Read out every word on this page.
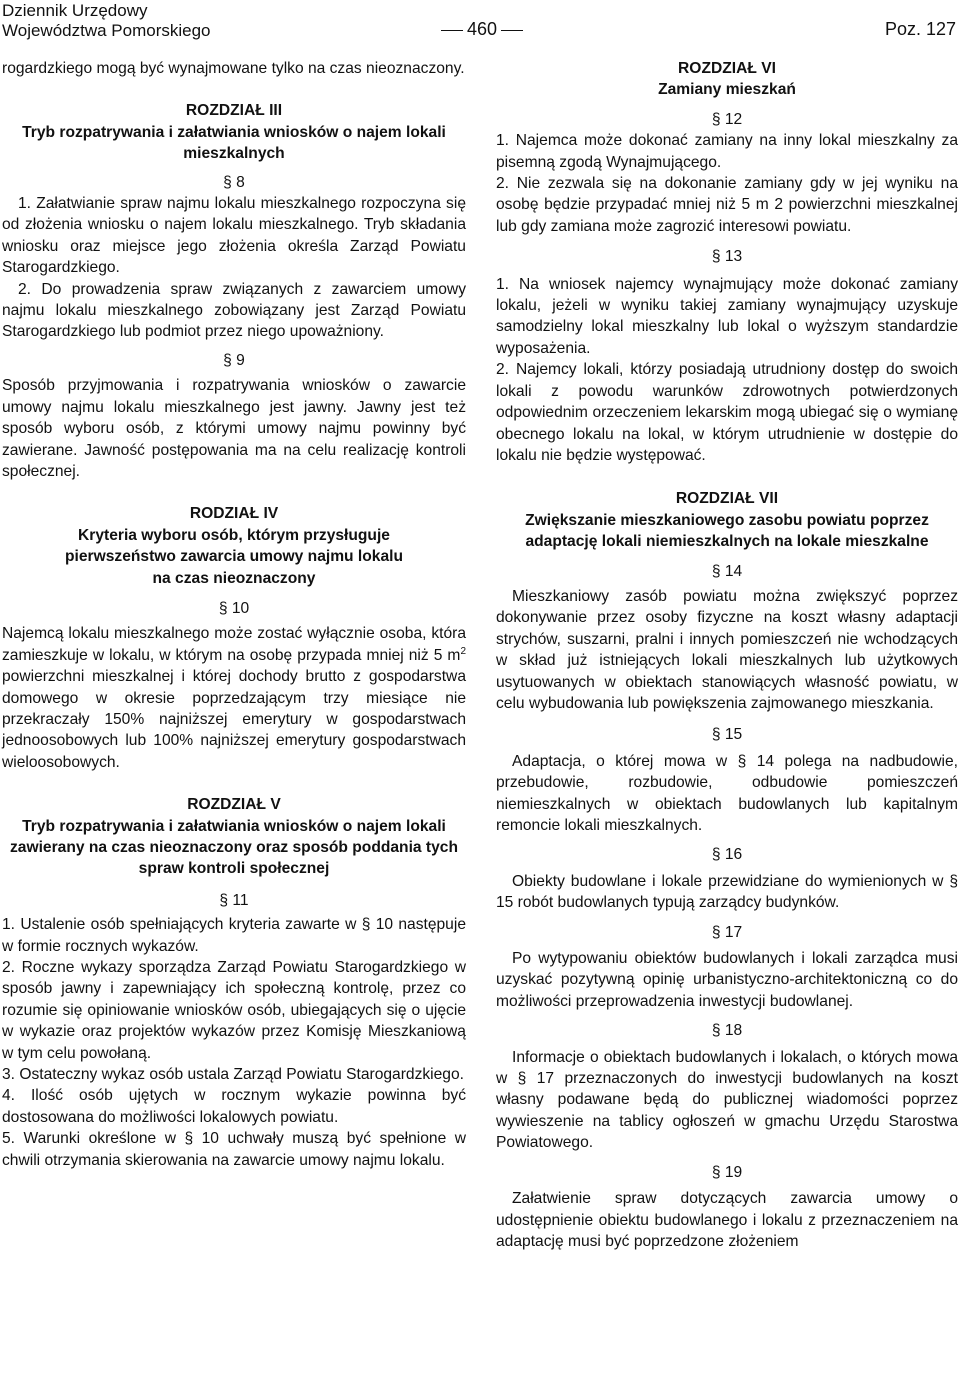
Dziennik Urzędowy
Województwa Pomorskiego	460	Poz. 127

rogardzkiego mogą być wynajmowane tylko na czas nieoznaczony.

ROZDZIAŁ III

Tryb rozpatrywania i załatwiania wniosków o najem lokali mieszkalnych

§ 8

1. Załatwianie spraw najmu lokalu mieszkalnego rozpoczyna się od złożenia wniosku o najem lokalu mieszkalnego. Tryb składania wniosku oraz miejsce jego złożenia określa Zarząd Powiatu Starogardzkiego.

2. Do prowadzenia spraw związanych z zawarciem umowy najmu lokalu mieszkalnego zobowiązany jest Zarząd Powiatu Starogardzkiego lub podmiot przez niego upoważniony.

§ 9

Sposób przyjmowania i rozpatrywania wniosków o zawarcie umowy najmu lokalu mieszkalnego jest jawny. Jawny jest też sposób wyboru osób, z którymi umowy najmu powinny być zawierane. Jawność postępowania ma na celu realizację kontroli społecznej.

RODZIAŁ IV

Kryteria wyboru osób, którym przysługuje pierwszeństwo zawarcia umowy najmu lokalu na czas nieoznaczony

§ 10

Najemcą lokalu mieszkalnego może zostać wyłącznie osoba, która zamieszkuje w lokalu, w którym na osobę przypada mniej niż 5 $m^2$ powierzchni mieszkalnej i której dochody brutto z gospodarstwa domowego w okresie poprzedzającym trzy miesiące nie przekraczały 150% najniższej emerytury w gospodarstwach jednoosobowych lub 100% najniższej emerytury gospodarstwach wieloosobowych.

ROZDZIAŁ V

Tryb rozpatrywania i załatwiania wniosków o najem lokali zawierany na czas nieoznaczony oraz sposób poddania tych spraw kontroli społecznej

§ 11

1. Ustalenie osób spełniających kryteria zawarte w § 10 następuje w formie rocznych wykazów.

2. Roczne wykazy sporządza Zarząd Powiatu Starogardzkiego w sposób jawny i zapewniający ich społeczną kontrolę, przez co rozumie się opiniowanie wniosków osób, ubiegających się o ujęcie w wykazie oraz projektów wykazów przez Komisję Mieszkaniową w tym celu powołaną.

3. Ostateczny wykaz osób ustala Zarząd Powiatu Starogardzkiego.

4. Ilość osób ujętych w rocznym wykazie powinna być dostosowana do możliwości lokalowych powiatu.

5. Warunki określone w § 10 uchwały muszą być spełnione w chwili otrzymania skierowania na zawarcie umowy najmu lokalu.

ROZDZIAŁ VI

Zamiany mieszkań

§ 12

1. Najemca może dokonać zamiany na inny lokal mieszkalny za pisemną zgodą Wynajmującego.

2. Nie zezwala się na dokonanie zamiany gdy w jej wyniku na osobę będzie przypadać mniej niż 5 m 2 powierzchni mieszkalnej lub gdy zamiana może zagrozić interesowi powiatu.

§ 13

1. Na wniosek najemcy wynajmujący może dokonać zamiany lokalu, jeżeli w wyniku takiej zamiany wynajmujący uzyskuje samodzielny lokal mieszkalny lub lokal o wyższym standardzie wyposażenia.

2. Najemcy lokali, którzy posiadają utrudniony dostęp do swoich lokali z powodu warunków zdrowotnych potwierdzonych odpowiednim orzeczeniem lekarskim mogą ubiegać się o wymianę obecnego lokalu na lokal, w którym utrudnienie w dostępie do lokalu nie będzie występować.

ROZDZIAŁ VII

Zwiększanie mieszkaniowego zasobu powiatu poprzez adaptację lokali niemieszkalnych na lokale mieszkalne

§ 14

Mieszkaniowy zasób powiatu można zwiększyć poprzez dokonywanie przez osoby fizyczne na koszt własny adaptacji strychów, suszarni, pralni i innych pomieszczeń nie wchodzących w skład już istniejących lokali mieszkalnych lub użytkowych usytuowanych w obiektach stanowiących własność powiatu, w celu wybudowania lub powiększenia zajmowanego mieszkania.

§ 15

Adaptacja, o której mowa w § 14 polega na nadbudowie, przebudowie, rozbudowie, odbudowie pomieszczeń niemieszkalnych w obiektach budowlanych lub kapitalnym remoncie lokali mieszkalnych.

§ 16

Obiekty budowlane i lokale przewidziane do wymienionych w § 15 robót budowlanych typują zarządcy budynków.

§ 17

Po wytypowaniu obiektów budowlanych i lokali zarządca musi uzyskać pozytywną opinię urbanistyczno-architektoniczną co do możliwości przeprowadzenia inwestycji budowlanej.

§ 18

Informacje o obiektach budowlanych i lokalach, o których mowa w § 17 przeznaczonych do inwestycji budowlanych na koszt własny podawane będą do publicznej wiadomości poprzez wywieszenie na tablicy ogłoszeń w gmachu Urzędu Starostwa Powiatowego.

§ 19

Załatwienie spraw dotyczących zawarcia umowy o udostępnienie obiektu budowlanego i lokalu z przeznaczeniem na adaptację musi być poprzedzone złożeniem
